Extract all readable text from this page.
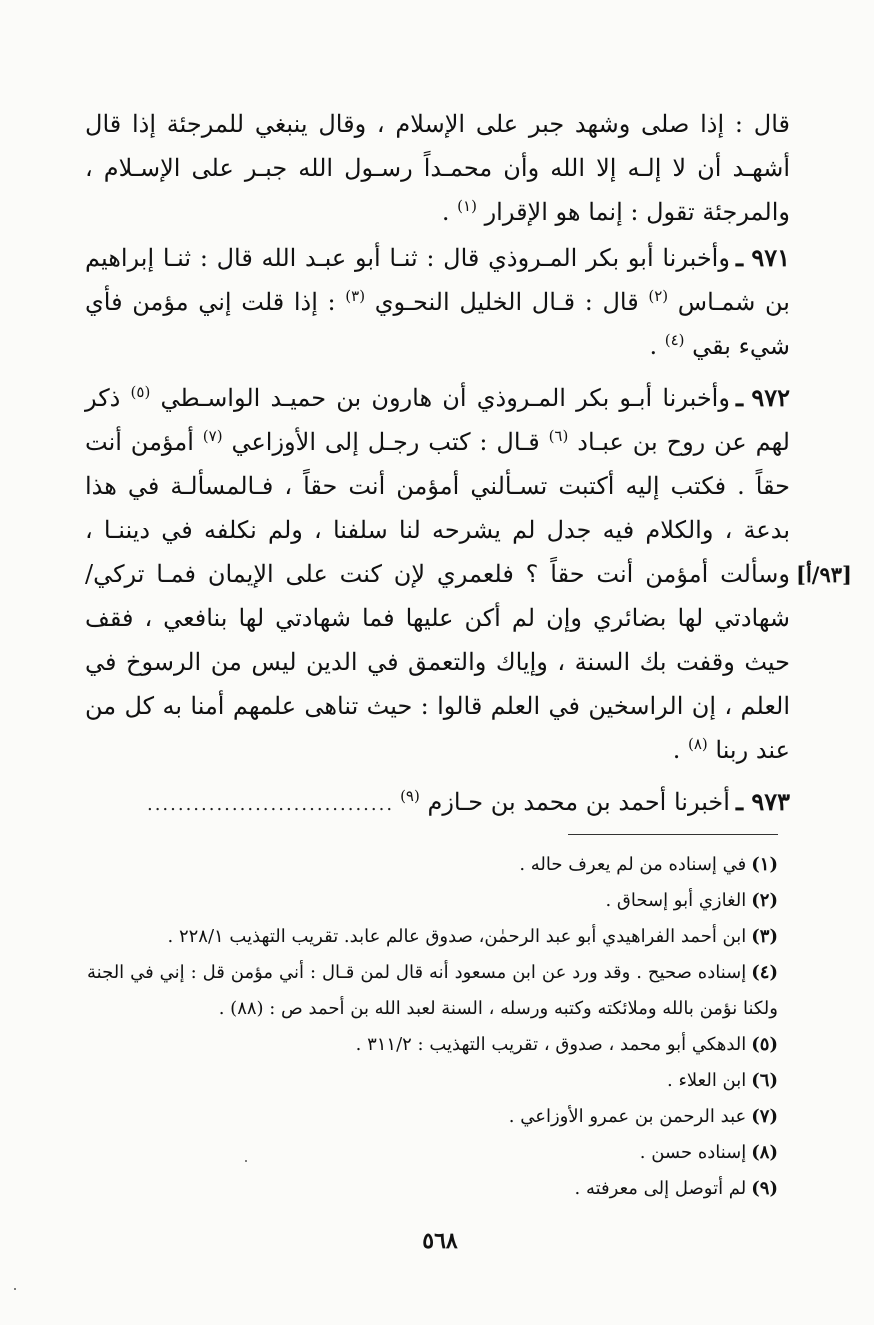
قال : إذا صلى وشهد جبر على الإسلام ، وقال ينبغي للمرجئة إذا قال أشهـد أن لا إلـه إلا الله وأن محمـداً رسـول الله جبـر على الإسـلام ، والمرجئة تقول : إنما هو الإقرار $^{(١)}$ .

٩٧١ ـوأخبرنا أبو بكر المـروذي قال : ثنـا أبو عبـد الله قال : ثنـا إبراهيم بن شمـاس $^{(٢)}$ قال : قـال الخليل النحـوي $^{(٣)}$ : إذا قلت إني مؤمن فأي شيء بقي $^{(٤)}$ .

٩٧٢ ـوأخبرنا أبـو بكر المـروذي أن هارون بن حميـد الواسـطي $^{(٥)}$ ذكر لهم عن روح بن عبـاد $^{(٦)}$ قـال : كتب رجـل إلى الأوزاعي $^{(٧)}$ أمؤمن أنت حقاً . فكتب إليه أكتبت تسـألني أمؤمن أنت حقاً ، فـالمسألـة في هذا بدعة ، والكلام فيه جدل لم يشرحه لنا سلفنا ، ولم نكلفه في ديننـا ، وسألت أمؤمن أنت حقاً ؟ فلعمري لإن كنت على الإيمان فمـا تركي/ شهادتي لها بضائري وإن لم أكن عليها فما شهادتي لها بنافعي ، فقف حيث وقفت بك السنة ، وإياك والتعمق في الدين ليس من الرسوخ في العلم ، إن الراسخين في العلم قالوا : حيث تناهى علمهم أمنا به كل من عند ربنا $^{(٨)}$ .

٩٧٣ ـأخبرنا أحمد بن محمد بن حـازم $^{(٩)}$................................

[٩٣/أ]

(١)في إسناده من لم يعرف حاله .

(٢)الغازي أبو إسحاق .

(٣)ابن أحمد الفراهيدي أبو عبد الرحمٰن، صدوق عالم عابد. تقريب التهذيب ٢٢٨/١ .

(٤)إسناده صحيح . وقد ورد عن ابن مسعود أنه قال لمن قـال : أني مؤمن قل : إني في الجنة ولكنا نؤمن بالله وملائكته وكتبه ورسله ، السنة لعبد الله بن أحمد ص : (٨٨) .

(٥)الدهكي أبو محمد ، صدوق ، تقريب التهذيب : ٣١١/٢ .

(٦)ابن العلاء .

(٧)عبد الرحمن بن عمرو الأوزاعي .

(٨)إسناده حسن .

(٩)لم أتوصل إلى معرفته .

٥٦٨
